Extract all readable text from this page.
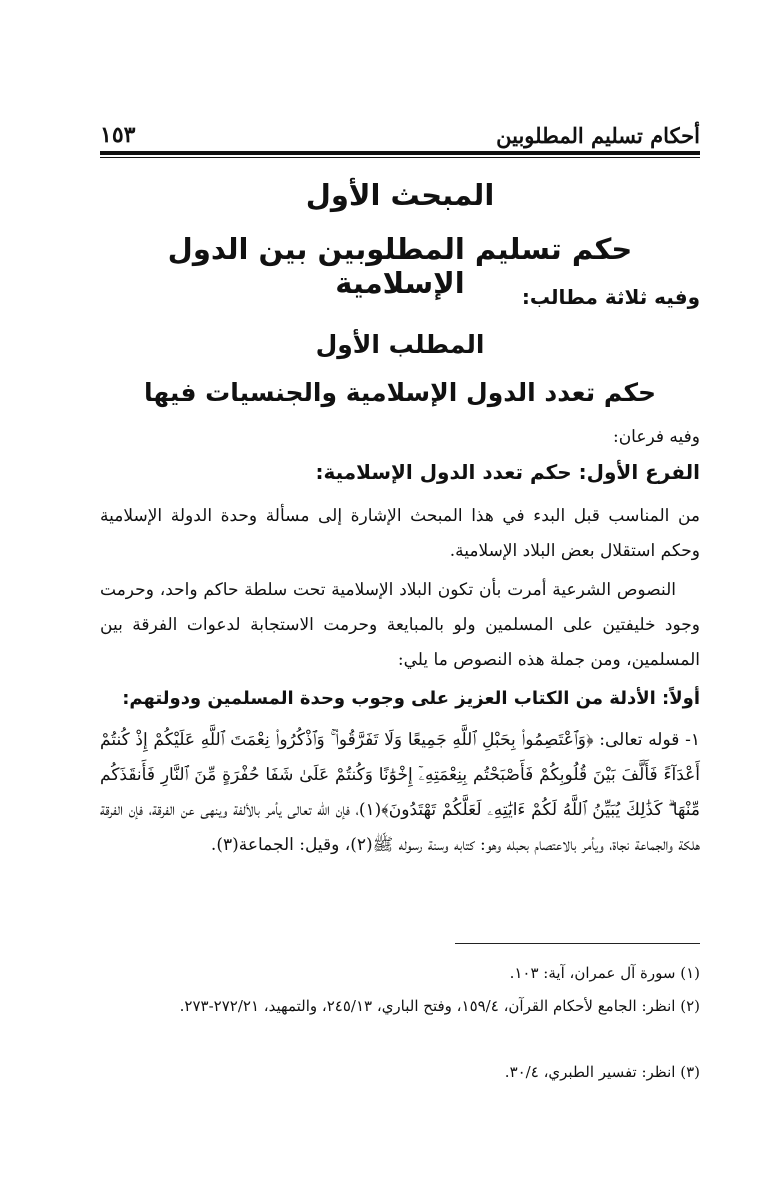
أحكام تسليم المطلوبين
١٥٣
المبحث الأول
حكم تسليم المطلوبين بين الدول الإسلامية	وفيه ثلاثة مطالب:
المطلب الأول
حكم تعدد الدول الإسلامية والجنسيات فيها
وفيه فرعان:
الفرع الأول: حكم تعدد الدول الإسلامية:
من المناسب قبل البدء في هذا المبحث الإشارة إلى مسألة وحدة الدولة الإسلامية وحكم استقلال بعض البلاد الإسلامية.
النصوص الشرعية أمرت بأن تكون البلاد الإسلامية تحت سلطة حاكم واحد، وحرمت وجود خليفتين على المسلمين ولو بالمبايعة وحرمت الاستجابة لدعوات الفرقة بين المسلمين، ومن جملة هذه النصوص ما يلي:
أولاً: الأدلة من الكتاب العزيز على وجوب وحدة المسلمين ودولتهم:
١- قوله تعالى: ﴿وَٱعْتَصِمُوا۟ بِحَبْلِ ٱللَّهِ جَمِيعًا وَلَا تَفَرَّقُوا۟ ۚ وَٱذْكُرُوا۟ نِعْمَتَ ٱللَّهِ عَلَيْكُمْ إِذْ كُنتُمْ أَعْدَآءً فَأَلَّفَ بَيْنَ قُلُوبِكُمْ فَأَصْبَحْتُم بِنِعْمَتِهِۦٓ إِخْوَٰنًا وَكُنتُمْ عَلَىٰ شَفَا حُفْرَةٍ مِّنَ ٱلنَّارِ فَأَنقَذَكُم مِّنْهَا ۗ كَذَٰلِكَ يُبَيِّنُ ٱللَّهُ لَكُمْ ءَايَٰتِهِۦ لَعَلَّكُمْ تَهْتَدُونَ﴾(١)، فإن الله تعالى يأمر بالألفة وينهى عن الفرقة، فإن الفرقة هلكة والجماعة نجاة، ويأمر بالاعتصام بحبله وهو: كتابه وسنة رسوله ﷺ(٢)، وقيل: الجماعة(٣).
(١) سورة آل عمران، آية: ١٠٣.
(٢) انظر: الجامع لأحكام القرآن، ١٥٩/٤، وفتح الباري، ٢٤٥/١٣، والتمهيد، ٢٧٢/٢١-٢٧٣.
(٣) انظر: تفسير الطبري، ٣٠/٤.
